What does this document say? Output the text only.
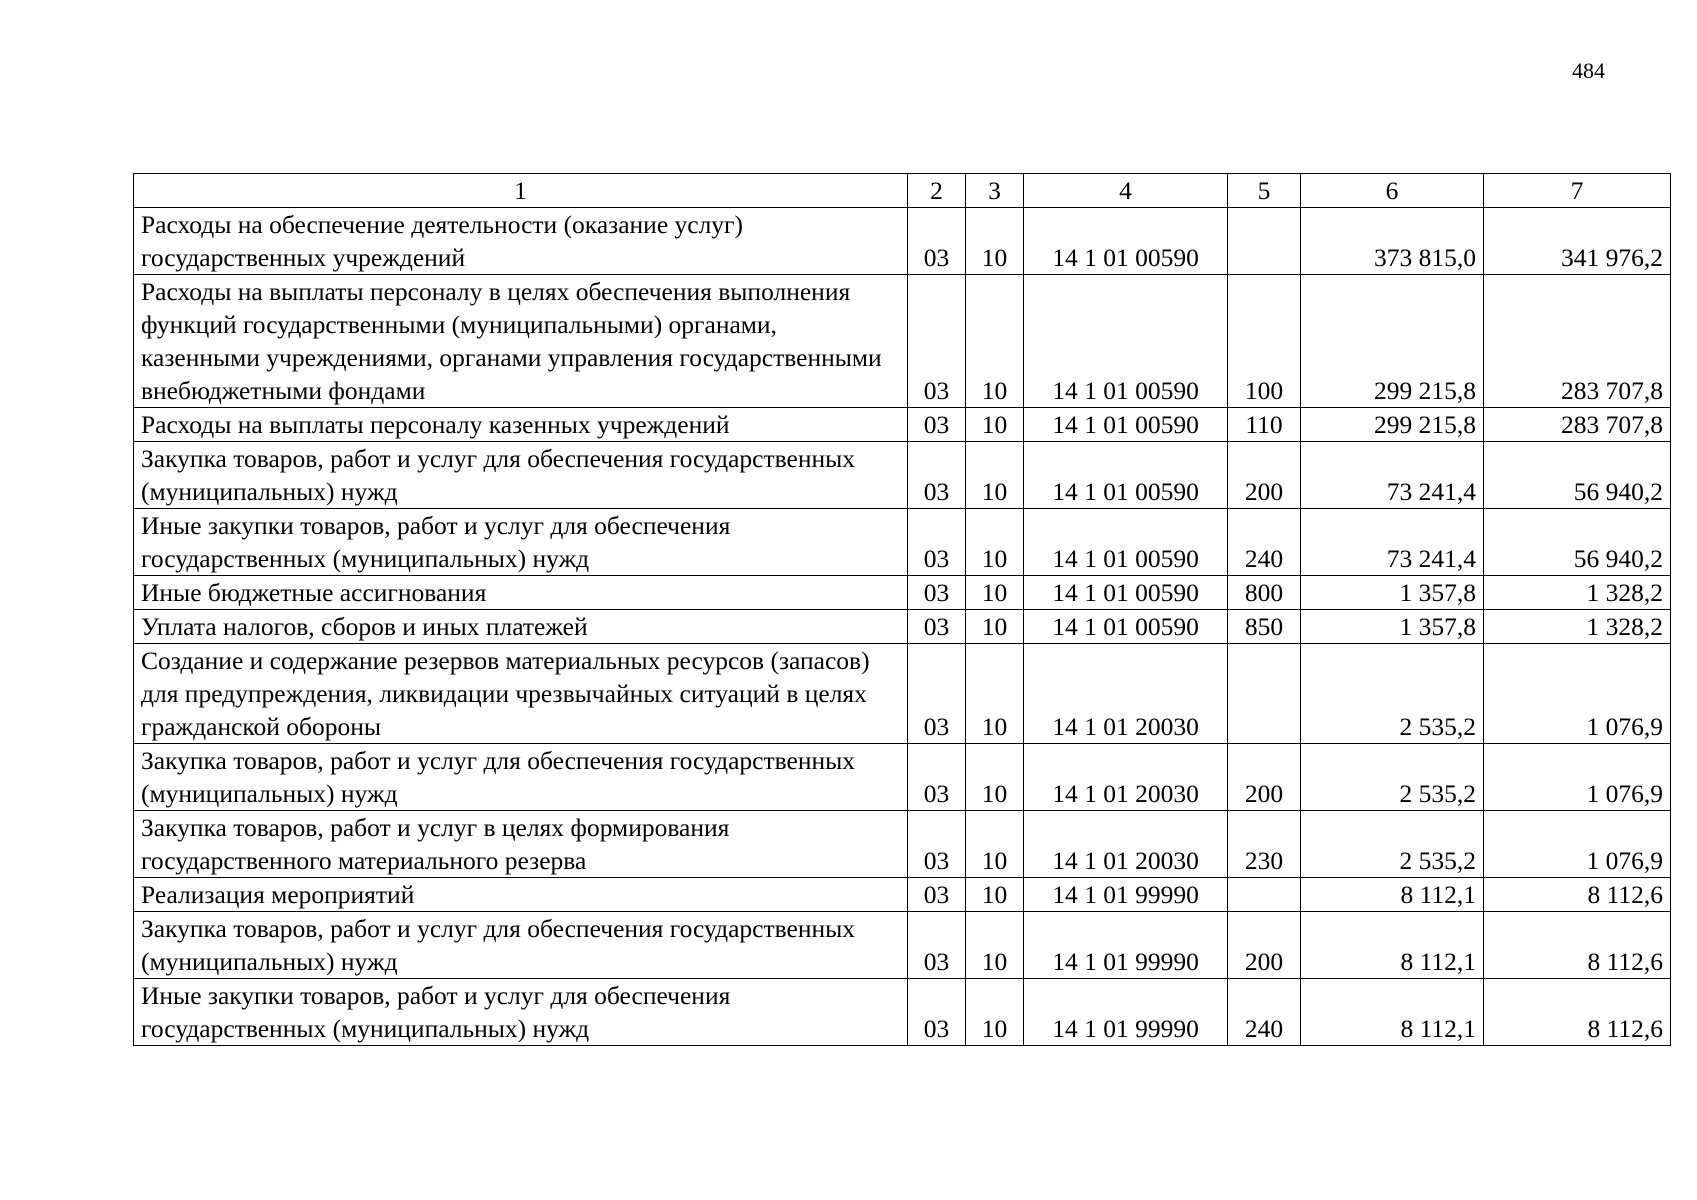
484
1	2	3	4	5	6	7
Расходы на обеспечение деятельности (оказание услуг) государственных учреждений	03	10	14 1 01 00590		373 815,0	341 976,2
Расходы на выплаты персоналу в целях обеспечения выполнения функций государственными (муниципальными) органами, казенными учреждениями, органами управления государственными внебюджетными фондами	03	10	14 1 01 00590	100	299 215,8	283 707,8
Расходы на выплаты персоналу казенных учреждений	03	10	14 1 01 00590	110	299 215,8	283 707,8
Закупка товаров, работ и услуг для обеспечения государственных (муниципальных) нужд	03	10	14 1 01 00590	200	73 241,4	56 940,2
Иные закупки товаров, работ и услуг для обеспечения государственных (муниципальных) нужд	03	10	14 1 01 00590	240	73 241,4	56 940,2
Иные бюджетные ассигнования	03	10	14 1 01 00590	800	1 357,8	1 328,2
Уплата налогов, сборов и иных платежей	03	10	14 1 01 00590	850	1 357,8	1 328,2
Создание и содержание резервов материальных ресурсов (запасов) для предупреждения, ликвидации чрезвычайных ситуаций в целях гражданской обороны	03	10	14 1 01 20030		2 535,2	1 076,9
Закупка товаров, работ и услуг для обеспечения государственных (муниципальных) нужд	03	10	14 1 01 20030	200	2 535,2	1 076,9
Закупка товаров, работ и услуг в целях формирования государственного материального резерва	03	10	14 1 01 20030	230	2 535,2	1 076,9
Реализация мероприятий	03	10	14 1 01 99990		8 112,1	8 112,6
Закупка товаров, работ и услуг для обеспечения государственных (муниципальных) нужд	03	10	14 1 01 99990	200	8 112,1	8 112,6
Иные закупки товаров, работ и услуг для обеспечения государственных (муниципальных) нужд	03	10	14 1 01 99990	240	8 112,1	8 112,6
